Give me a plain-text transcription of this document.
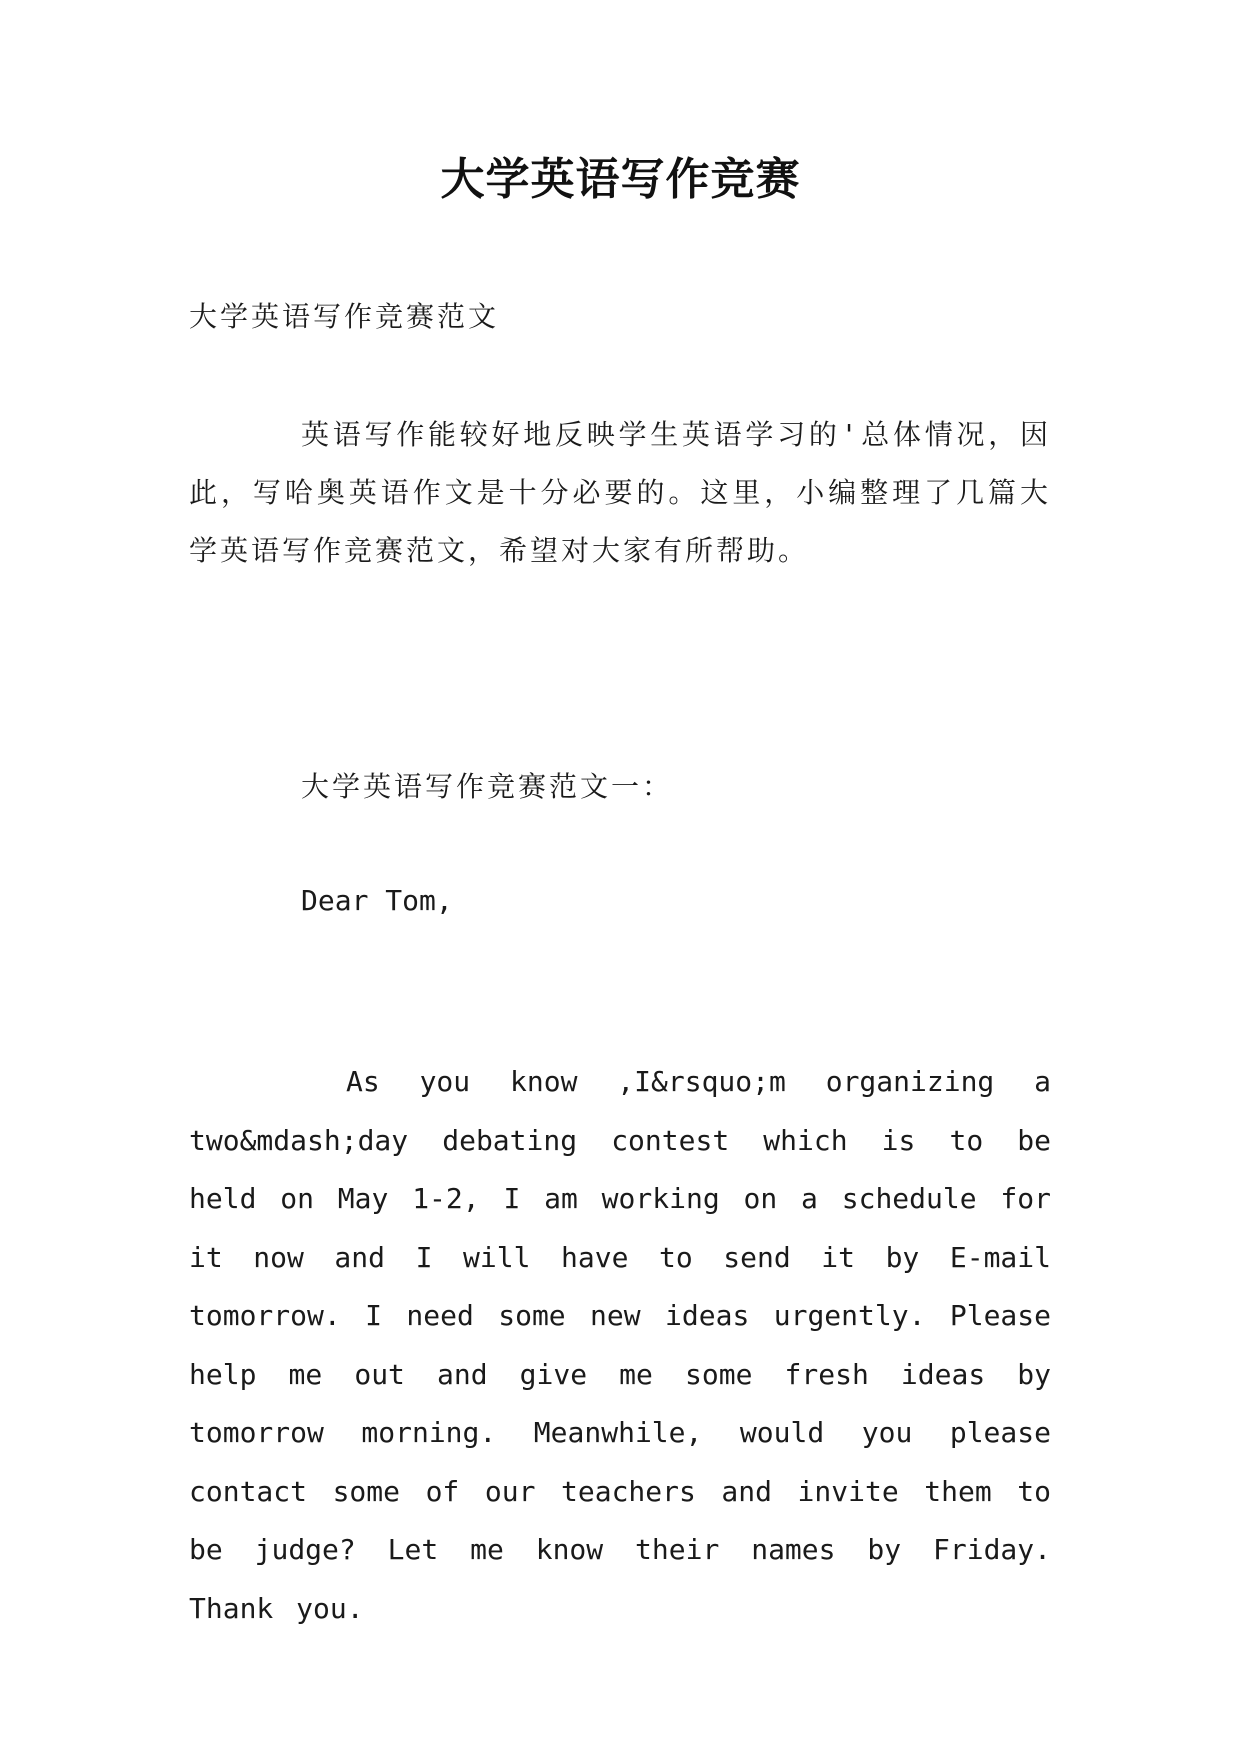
大学英语写作竞赛
大学英语写作竞赛范文
英语写作能较好地反映学生英语学习的'总体情况，因此，写哈奥英语作文是十分必要的。这里，小编整理了几篇大学英语写作竞赛范文，希望对大家有所帮助。
大学英语写作竞赛范文一：
Dear Tom,
As you know ,I&rsquo;m organizing a two&mdash;day debating contest which is to be held on May 1-2, I am working on a schedule for it now and I will have to send it by E-mail tomorrow. I need some new ideas urgently. Please help me out and give me some fresh ideas by tomorrow morning. Meanwhile, would you please contact some of our teachers and invite them to be judge? Let me know their names by Friday. Thank you.
